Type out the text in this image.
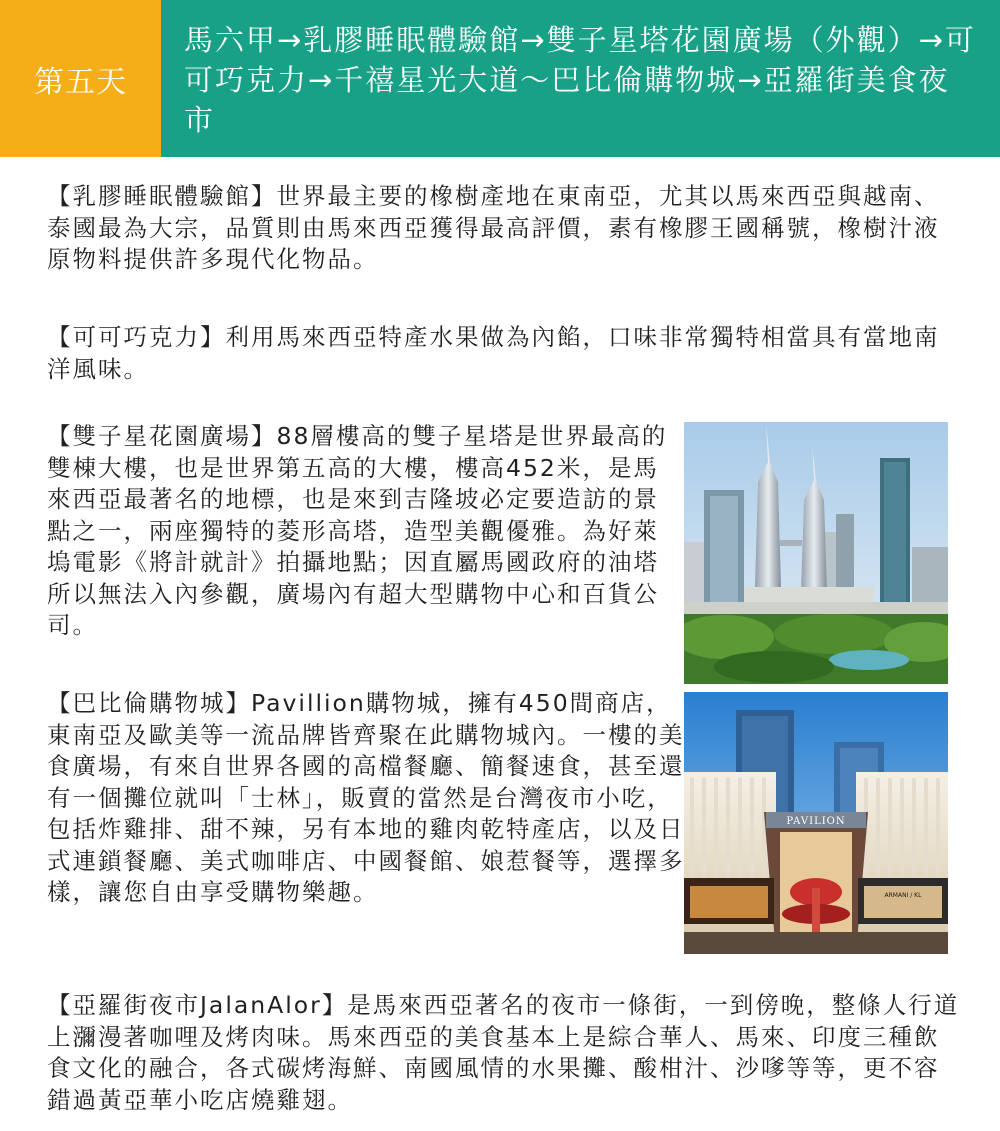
第五天
馬六甲→乳膠睡眠體驗館→雙子星塔花園廣場（外觀）→可可巧克力→千禧星光大道～巴比倫購物城→亞羅街美食夜市

【乳膠睡眠體驗館】世界最主要的橡樹產地在東南亞，尤其以馬來西亞與越南、泰國最為大宗，品質則由馬來西亞獲得最高評價，素有橡膠王國稱號，橡樹汁液原物料提供許多現代化物品。

【可可巧克力】利用馬來西亞特產水果做為內餡，口味非常獨特相當具有當地南洋風味。

【雙子星花園廣場】88層樓高的雙子星塔是世界最高的雙棟大樓，也是世界第五高的大樓，樓高452米，是馬來西亞最著名的地標，也是來到吉隆坡必定要造訪的景點之一，兩座獨特的菱形高塔，造型美觀優雅。為好萊塢電影《將計就計》拍攝地點；因直屬馬國政府的油塔所以無法入內參觀，廣場內有超大型購物中心和百貨公司。

【巴比倫購物城】Pavillion購物城，擁有450間商店，東南亞及歐美等一流品牌皆齊聚在此購物城內。一樓的美食廣場，有來自世界各國的高檔餐廳、簡餐速食，甚至還有一個攤位就叫「士林」，販賣的當然是台灣夜市小吃，包括炸雞排、甜不辣，另有本地的雞肉乾特產店，以及日式連鎖餐廳、美式咖啡店、中國餐館、娘惹餐等，選擇多樣，讓您自由享受購物樂趣。

【亞羅街夜市JalanAlor】是馬來西亞著名的夜市一條街，一到傍晚，整條人行道上瀰漫著咖哩及烤肉味。馬來西亞的美食基本上是綜合華人、馬來、印度三種飲食文化的融合，各式碳烤海鮮、南國風情的水果攤、酸柑汁、沙嗲等等，更不容錯過黃亞華小吃店燒雞翅。

PAVILION
ARMANI / KL
